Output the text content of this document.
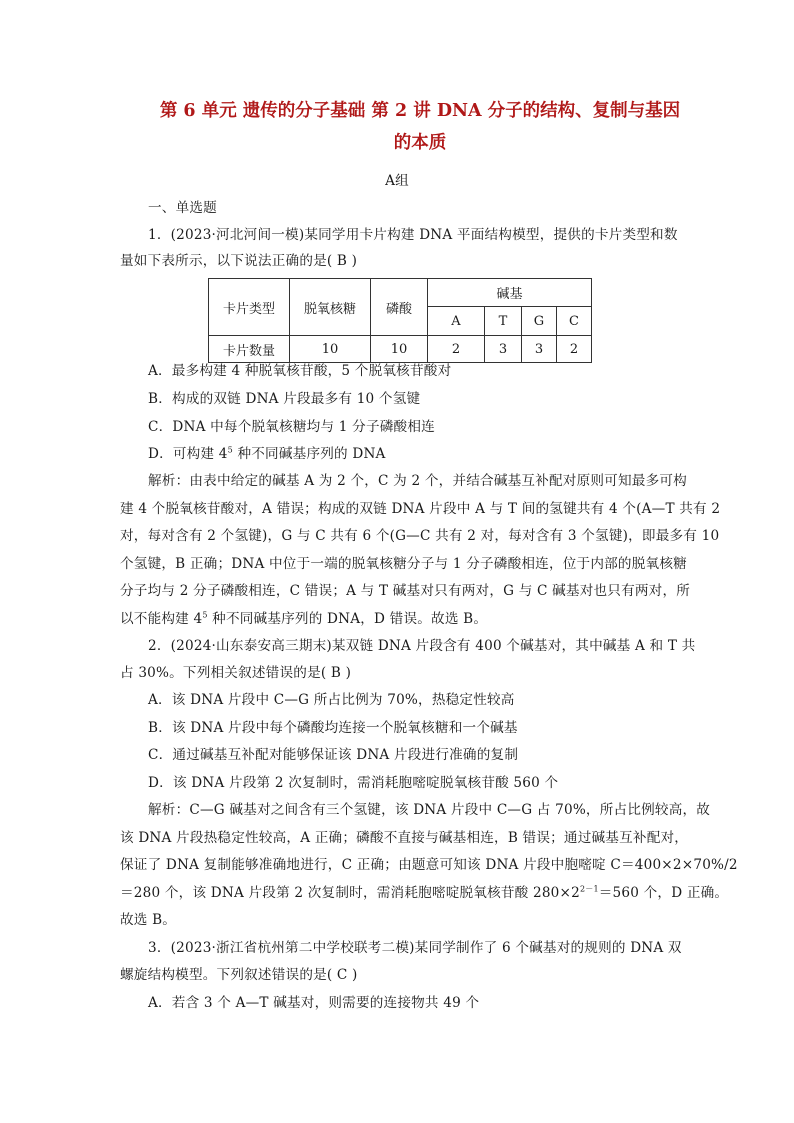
第 6 单元 遗传的分子基础 第 2 讲 DNA 分子的结构、复制与基因
的本质
A组
一、单选题
1．(2023·河北河间一模)某同学用卡片构建 DNA 平面结构模型，提供的卡片类型和数
量如下表所示，以下说法正确的是( B )
卡片类型	脱氧核糖	磷酸	碱基			
			A	T	G	C
卡片数量	10	10	2	3	3	2
A．最多构建 4 种脱氧核苷酸，5 个脱氧核苷酸对
B．构成的双链 DNA 片段最多有 10 个氢键
C．DNA 中每个脱氧核糖均与 1 分子磷酸相连
D．可构建 $4^5$ 种不同碱基序列的 DNA
解析：由表中给定的碱基 A 为 2 个，C 为 2 个，并结合碱基互补配对原则可知最多可构
建 4 个脱氧核苷酸对，A 错误；构成的双链 DNA 片段中 A 与 T 间的氢键共有 4 个(A—T 共有 2
对，每对含有 2 个氢键)，G 与 C 共有 6 个(G—C 共有 2 对，每对含有 3 个氢键)，即最多有 10
个氢键，B 正确；DNA 中位于一端的脱氧核糖分子与 1 分子磷酸相连，位于内部的脱氧核糖
分子均与 2 分子磷酸相连，C 错误；A 与 T 碱基对只有两对，G 与 C 碱基对也只有两对，所
以不能构建 $4^5$ 种不同碱基序列的 DNA，D 错误。故选 B。
2．(2024·山东泰安高三期末)某双链 DNA 片段含有 400 个碱基对，其中碱基 A 和 T 共
占 30%。下列相关叙述错误的是( B )
A．该 DNA 片段中 C—G 所占比例为 70%，热稳定性较高
B．该 DNA 片段中每个磷酸均连接一个脱氧核糖和一个碱基
C．通过碱基互补配对能够保证该 DNA 片段进行准确的复制
D．该 DNA 片段第 2 次复制时，需消耗胞嘧啶脱氧核苷酸 560 个
解析：C—G 碱基对之间含有三个氢键，该 DNA 片段中 C—G 占 70%，所占比例较高，故
该 DNA 片段热稳定性较高，A 正确；磷酸不直接与碱基相连，B 错误；通过碱基互补配对，
保证了 DNA 复制能够准确地进行，C 正确；由题意可知该 DNA 片段中胞嘧啶 C＝400×2×70%/2
＝280 个，该 DNA 片段第 2 次复制时，需消耗胞嘧啶脱氧核苷酸 $280\times 2^{2-1}=560$ 个，D 正确。
故选 B。
3．(2023·浙江省杭州第二中学校联考二模)某同学制作了 6 个碱基对的规则的 DNA 双
螺旋结构模型。下列叙述错误的是( C )
A．若含 3 个 A—T 碱基对，则需要的连接物共 49 个
